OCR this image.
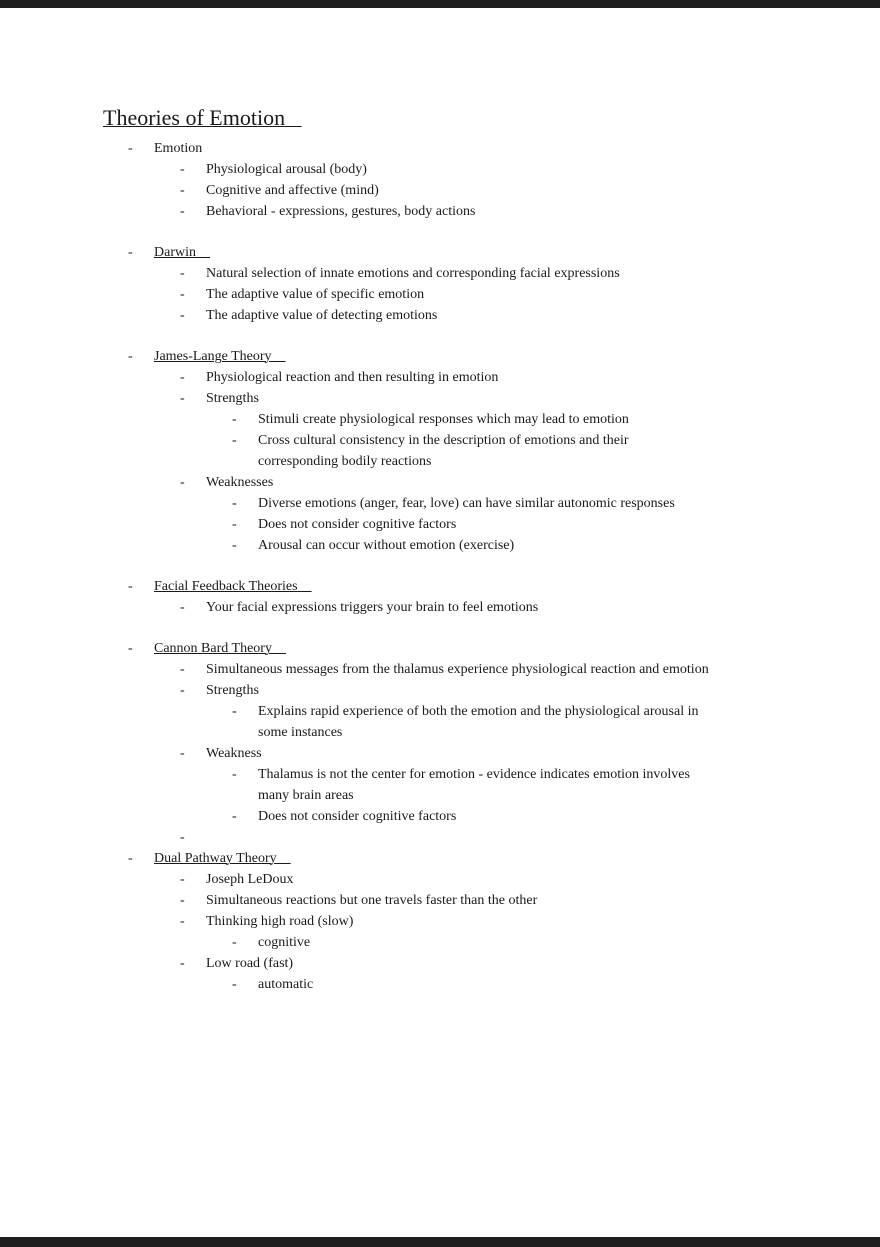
Theories of Emotion
-	Emotion
-	Physiological arousal (body)
-	Cognitive and affective (mind)
-	Behavioral - expressions, gestures, body actions
-	Darwin
-	Natural selection of innate emotions and corresponding facial expressions
-	The adaptive value of specific emotion
-	The adaptive value of detecting emotions
-	James-Lange Theory
-	Physiological reaction and then resulting in emotion
-	Strengths
-	Stimuli create physiological responses which may lead to emotion
-	Cross cultural consistency in the description of emotions and their corresponding bodily reactions
-	Weaknesses
-	Diverse emotions (anger, fear, love) can have similar autonomic responses
-	Does not consider cognitive factors
-	Arousal can occur without emotion (exercise)
-	Facial Feedback Theories
-	Your facial expressions triggers your brain to feel emotions
-	Cannon Bard Theory
-	Simultaneous messages from the thalamus experience physiological reaction and emotion
-	Strengths
-	Explains rapid experience of both the emotion and the physiological arousal in some instances
-	Weakness
-	Thalamus is not the center for emotion - evidence indicates emotion involves many brain areas
-	Does not consider cognitive factors
-
-	Dual Pathway Theory
-	Joseph LeDoux
-	Simultaneous reactions but one travels faster than the other
-	Thinking high road (slow)
-	cognitive
-	Low road (fast)
-	automatic
